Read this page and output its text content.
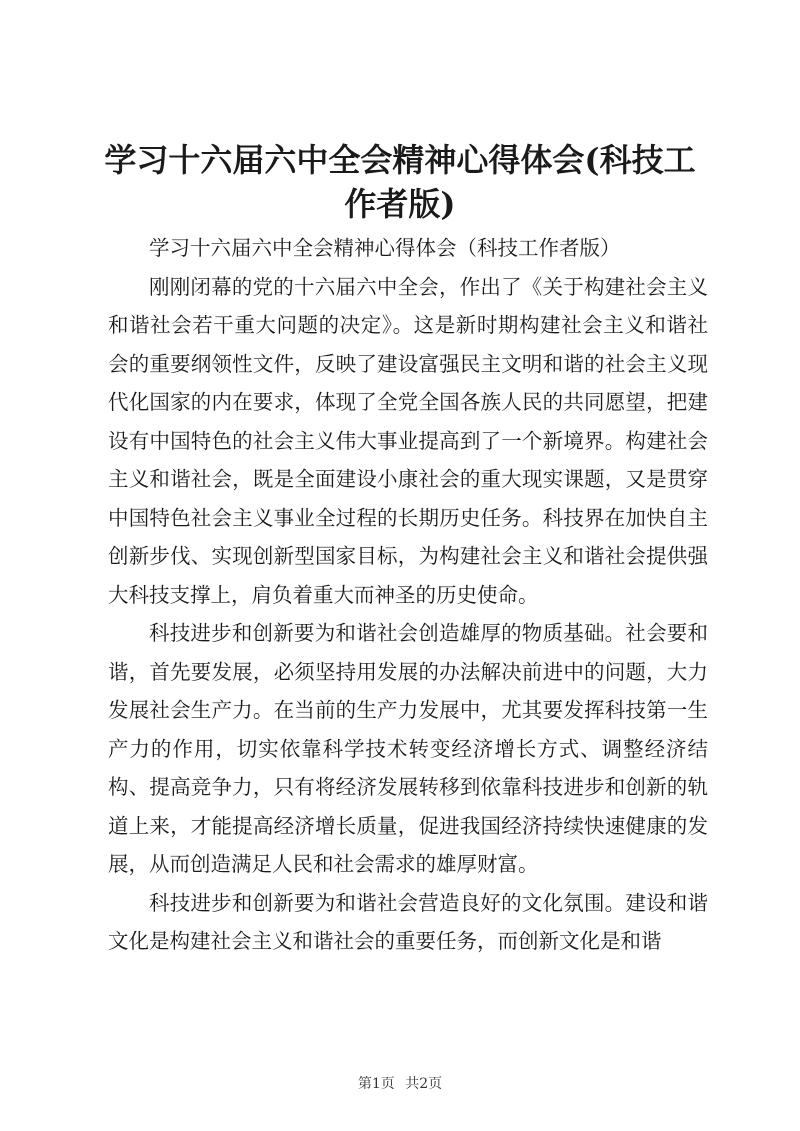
学习十六届六中全会精神心得体会(科技工作者版)

学习十六届六中全会精神心得体会（科技工作者版）

刚刚闭幕的党的十六届六中全会，作出了《关于构建社会主义和谐社会若干重大问题的决定》。这是新时期构建社会主义和谐社会的重要纲领性文件，反映了建设富强民主文明和谐的社会主义现代化国家的内在要求，体现了全党全国各族人民的共同愿望，把建设有中国特色的社会主义伟大事业提高到了一个新境界。构建社会主义和谐社会，既是全面建设小康社会的重大现实课题，又是贯穿中国特色社会主义事业全过程的长期历史任务。科技界在加快自主创新步伐、实现创新型国家目标，为构建社会主义和谐社会提供强大科技支撑上，肩负着重大而神圣的历史使命。

科技进步和创新要为和谐社会创造雄厚的物质基础。社会要和谐，首先要发展，必须坚持用发展的办法解决前进中的问题，大力发展社会生产力。在当前的生产力发展中，尤其要发挥科技第一生产力的作用，切实依靠科学技术转变经济增长方式、调整经济结构、提高竞争力，只有将经济发展转移到依靠科技进步和创新的轨道上来，才能提高经济增长质量，促进我国经济持续快速健康的发展，从而创造满足人民和社会需求的雄厚财富。

科技进步和创新要为和谐社会营造良好的文化氛围。建设和谐文化是构建社会主义和谐社会的重要任务，而创新文化是和谐

第1页 共2页
